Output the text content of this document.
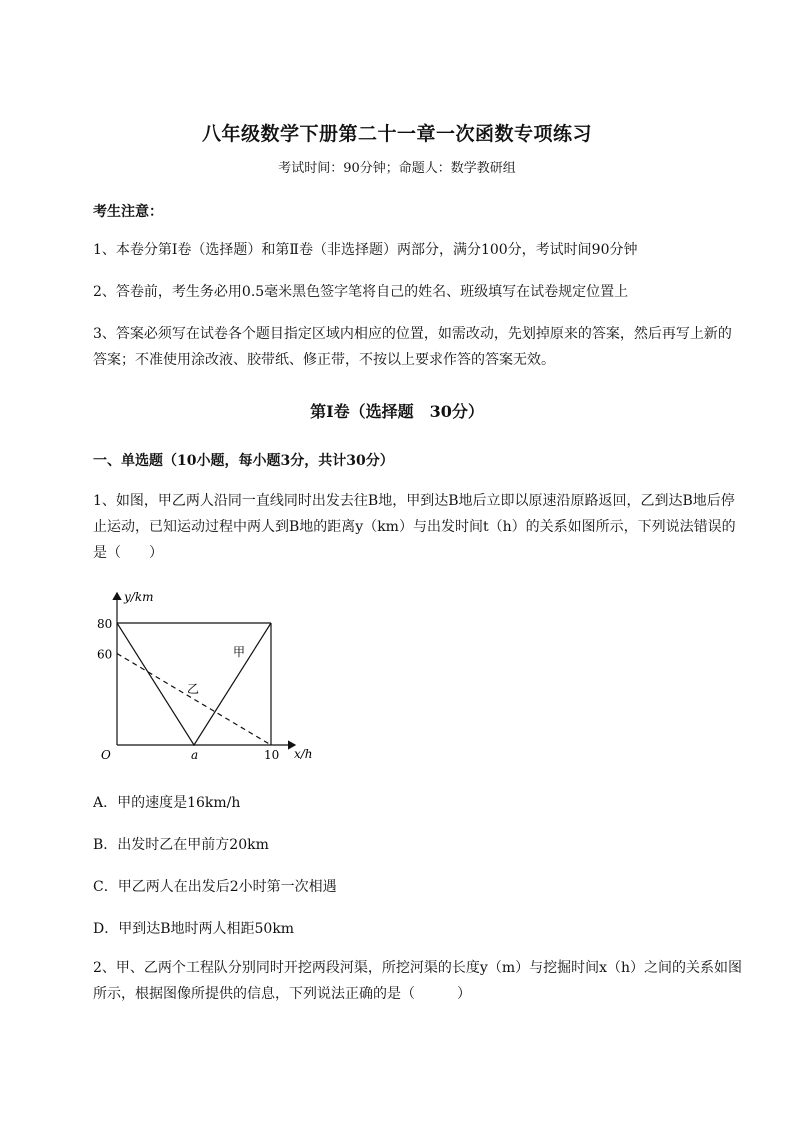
八年级数学下册第二十一章一次函数专项练习
考试时间：90分钟；命题人：数学教研组
考生注意：
1、本卷分第I卷（选择题）和第Ⅱ卷（非选择题）两部分，满分100分，考试时间90分钟
2、答卷前，考生务必用0.5毫米黑色签字笔将自己的姓名、班级填写在试卷规定位置上
3、答案必须写在试卷各个题目指定区域内相应的位置，如需改动，先划掉原来的答案，然后再写上新的答案；不准使用涂改液、胶带纸、修正带，不按以上要求作答的答案无效。
第I卷（选择题　30分）
一、单选题（10小题，每小题3分，共计30分）
1、如图，甲乙两人沿同一直线同时出发去往B地，甲到达B地后立即以原速沿原路返回，乙到达B地后停止运动，已知运动过程中两人到B地的距离y（km）与出发时间t（h）的关系如图所示，下列说法错误的是（　　）
y/km
x/h
O
80
60
a	10
甲
乙
A．甲的速度是16km/h
B．出发时乙在甲前方20km
C．甲乙两人在出发后2小时第一次相遇
D．甲到达B地时两人相距50km
2、甲、乙两个工程队分别同时开挖两段河渠，所挖河渠的长度y（m）与挖掘时间x（h）之间的关系如图所示，根据图像所提供的信息，下列说法正确的是（　　　）
